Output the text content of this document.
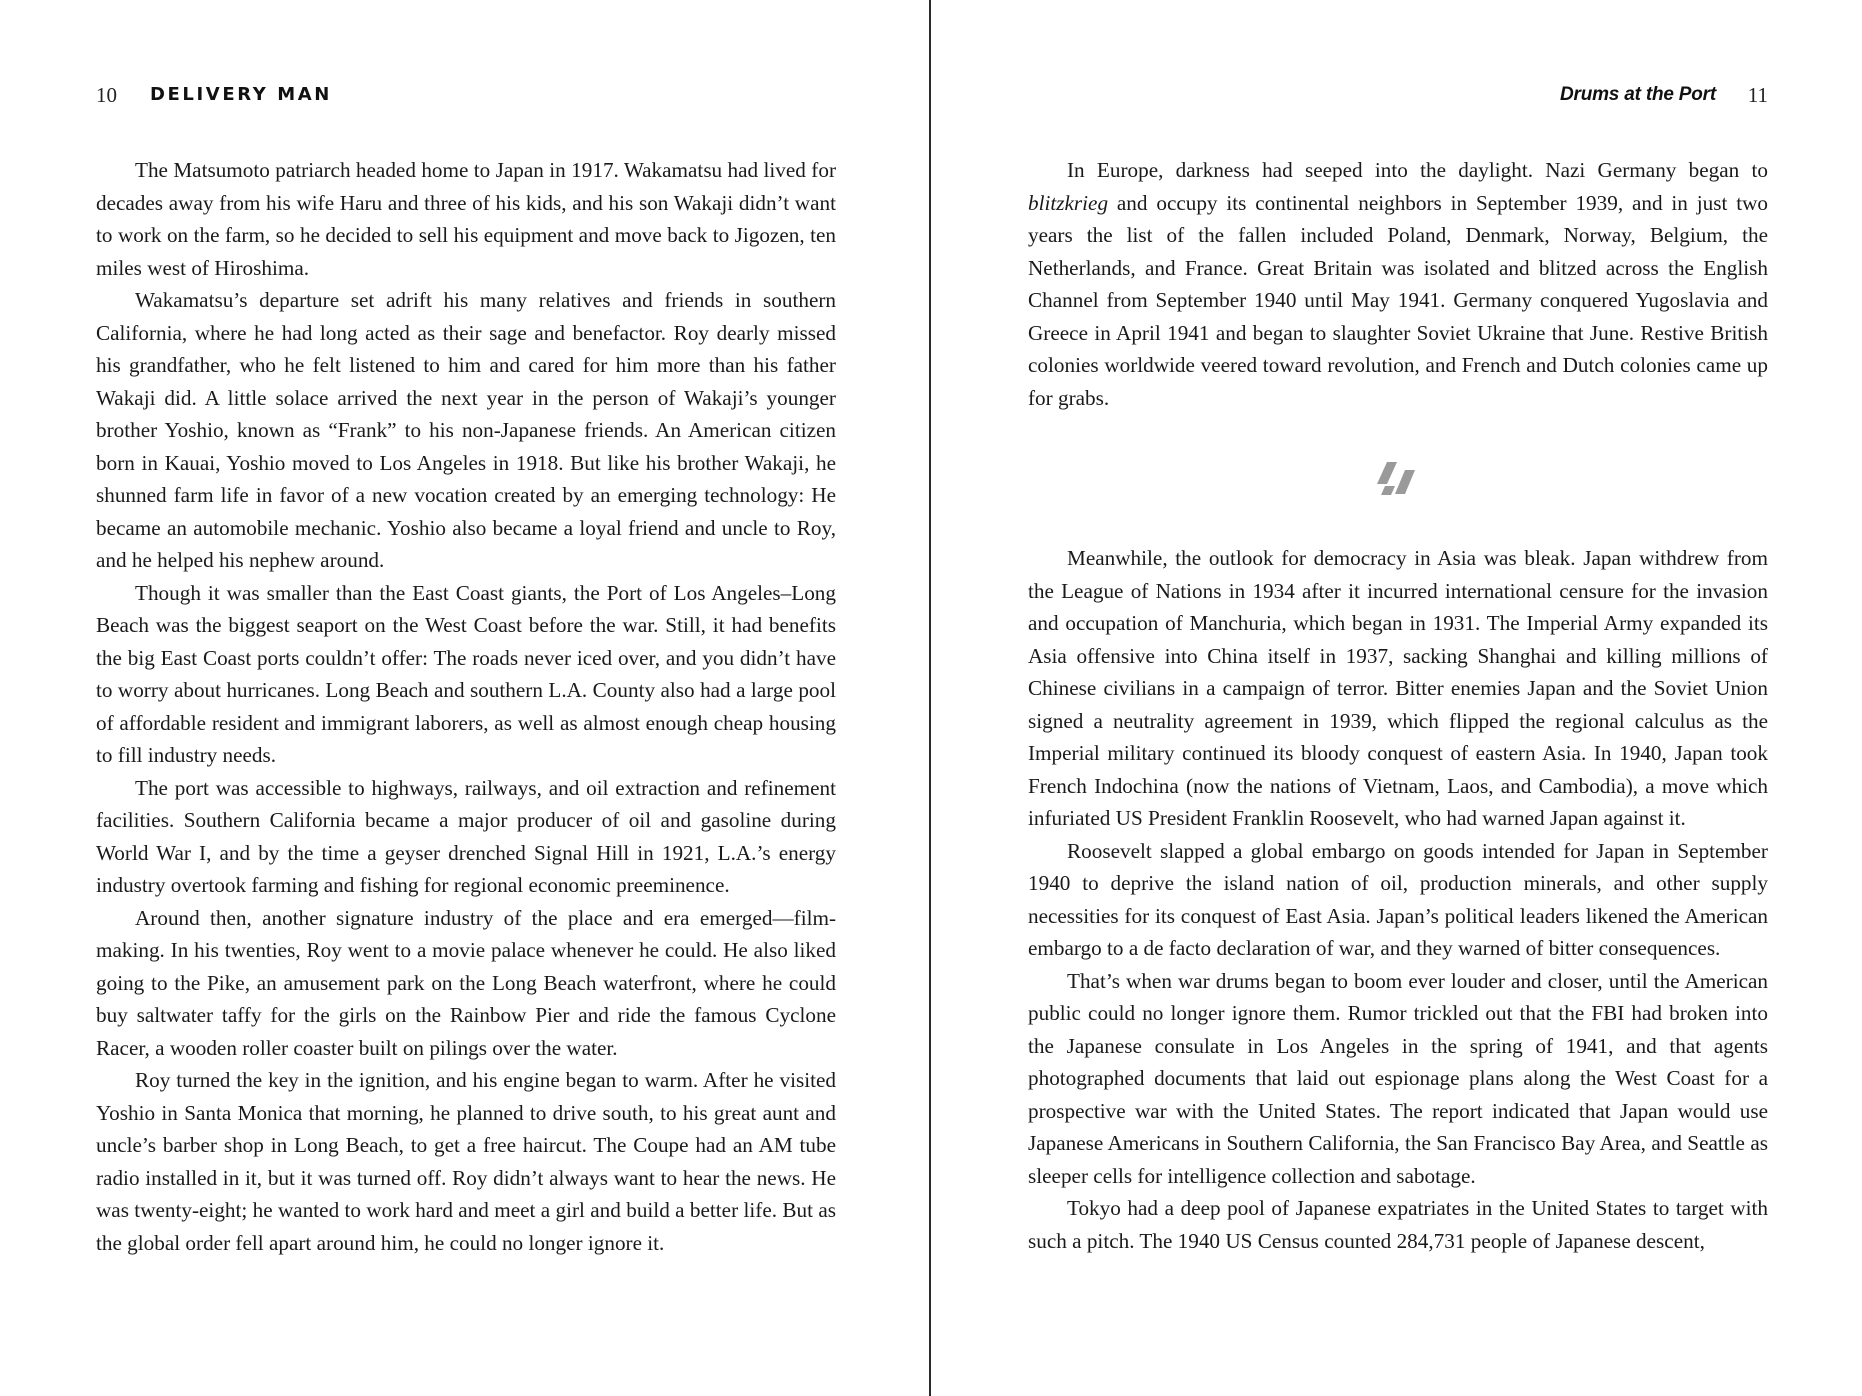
10 DELIVERY MAN

The Matsumoto patriarch headed home to Japan in 1917. Wakamatsu had lived for decades away from his wife Haru and three of his kids, and his son Wakaji didn’t want to work on the farm, so he decided to sell his equipment and move back to Jigozen, ten miles west of Hiroshima.

Wakamatsu’s departure set adrift his many relatives and friends in southern California, where he had long acted as their sage and benefactor. Roy dearly missed his grandfather, who he felt listened to him and cared for him more than his father Wakaji did. A little solace arrived the next year in the person of Wakaji’s younger brother Yoshio, known as “Frank” to his non-Japanese friends. An American citizen born in Kauai, Yoshio moved to Los Angeles in 1918. But like his brother Wakaji, he shunned farm life in favor of a new vocation created by an emerging technology: He became an automobile mechanic. Yoshio also became a loyal friend and uncle to Roy, and he helped his nephew around.

Though it was smaller than the East Coast giants, the Port of Los Angeles–Long Beach was the biggest seaport on the West Coast before the war. Still, it had benefits the big East Coast ports couldn’t offer: The roads never iced over, and you didn’t have to worry about hurricanes. Long Beach and southern L.A. County also had a large pool of affordable resident and immigrant laborers, as well as almost enough cheap housing to fill industry needs.

The port was accessible to highways, railways, and oil extraction and refinement facilities. Southern California became a major producer of oil and gasoline during World War I, and by the time a geyser drenched Signal Hill in 1921, L.A.’s energy industry overtook farming and fishing for regional economic preeminence.

Around then, another signature industry of the place and era emerged—film-making. In his twenties, Roy went to a movie palace whenever he could. He also liked going to the Pike, an amusement park on the Long Beach waterfront, where he could buy saltwater taffy for the girls on the Rainbow Pier and ride the famous Cyclone Racer, a wooden roller coaster built on pilings over the water.

Roy turned the key in the ignition, and his engine began to warm. After he visited Yoshio in Santa Monica that morning, he planned to drive south, to his great aunt and uncle’s barber shop in Long Beach, to get a free haircut. The Coupe had an AM tube radio installed in it, but it was turned off. Roy didn’t always want to hear the news. He was twenty-eight; he wanted to work hard and meet a girl and build a better life. But as the global order fell apart around him, he could no longer ignore it.

Drums at the Port 11

In Europe, darkness had seeped into the daylight. Nazi Germany began to blitzkrieg and occupy its continental neighbors in September 1939, and in just two years the list of the fallen included Poland, Denmark, Norway, Belgium, the Netherlands, and France. Great Britain was isolated and blitzed across the English Channel from September 1940 until May 1941. Germany conquered Yugoslavia and Greece in April 1941 and began to slaughter Soviet Ukraine that June. Restive British colonies worldwide veered toward revolution, and French and Dutch colonies came up for grabs.

Meanwhile, the outlook for democracy in Asia was bleak. Japan withdrew from the League of Nations in 1934 after it incurred international censure for the invasion and occupation of Manchuria, which began in 1931. The Imperial Army expanded its Asia offensive into China itself in 1937, sacking Shanghai and killing millions of Chinese civilians in a campaign of terror. Bitter enemies Japan and the Soviet Union signed a neutrality agreement in 1939, which flipped the regional calculus as the Imperial military continued its bloody conquest of eastern Asia. In 1940, Japan took French Indochina (now the nations of Vietnam, Laos, and Cambodia), a move which infuriated US President Franklin Roosevelt, who had warned Japan against it.

Roosevelt slapped a global embargo on goods intended for Japan in September 1940 to deprive the island nation of oil, production minerals, and other supply necessities for its conquest of East Asia. Japan’s political leaders likened the American embargo to a de facto declaration of war, and they warned of bitter consequences.

That’s when war drums began to boom ever louder and closer, until the American public could no longer ignore them. Rumor trickled out that the FBI had broken into the Japanese consulate in Los Angeles in the spring of 1941, and that agents photographed documents that laid out espionage plans along the West Coast for a prospective war with the United States. The report indicated that Japan would use Japanese Americans in Southern California, the San Francisco Bay Area, and Seattle as sleeper cells for intelligence collection and sabotage.

Tokyo had a deep pool of Japanese expatriates in the United States to target with such a pitch. The 1940 US Census counted 284,731 people of Japanese descent,
